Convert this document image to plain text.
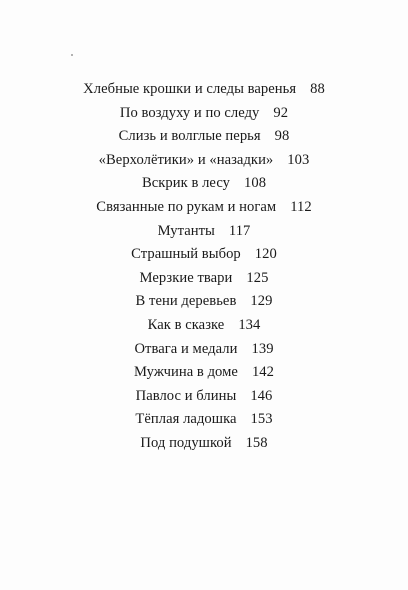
Хлебные крошки и следы варенья 88
По воздуху и по следу 92
Слизь и волглые перья 98
«Верхолётики» и «назадки» 103
Вскрик в лесу 108
Связанные по рукам и ногам 112
Мутанты 117
Страшный выбор 120
Мерзкие твари 125
В тени деревьев 129
Как в сказке 134
Отвага и медали 139
Мужчина в доме 142
Павлос и блины 146
Тёплая ладошка 153
Под подушкой 158
